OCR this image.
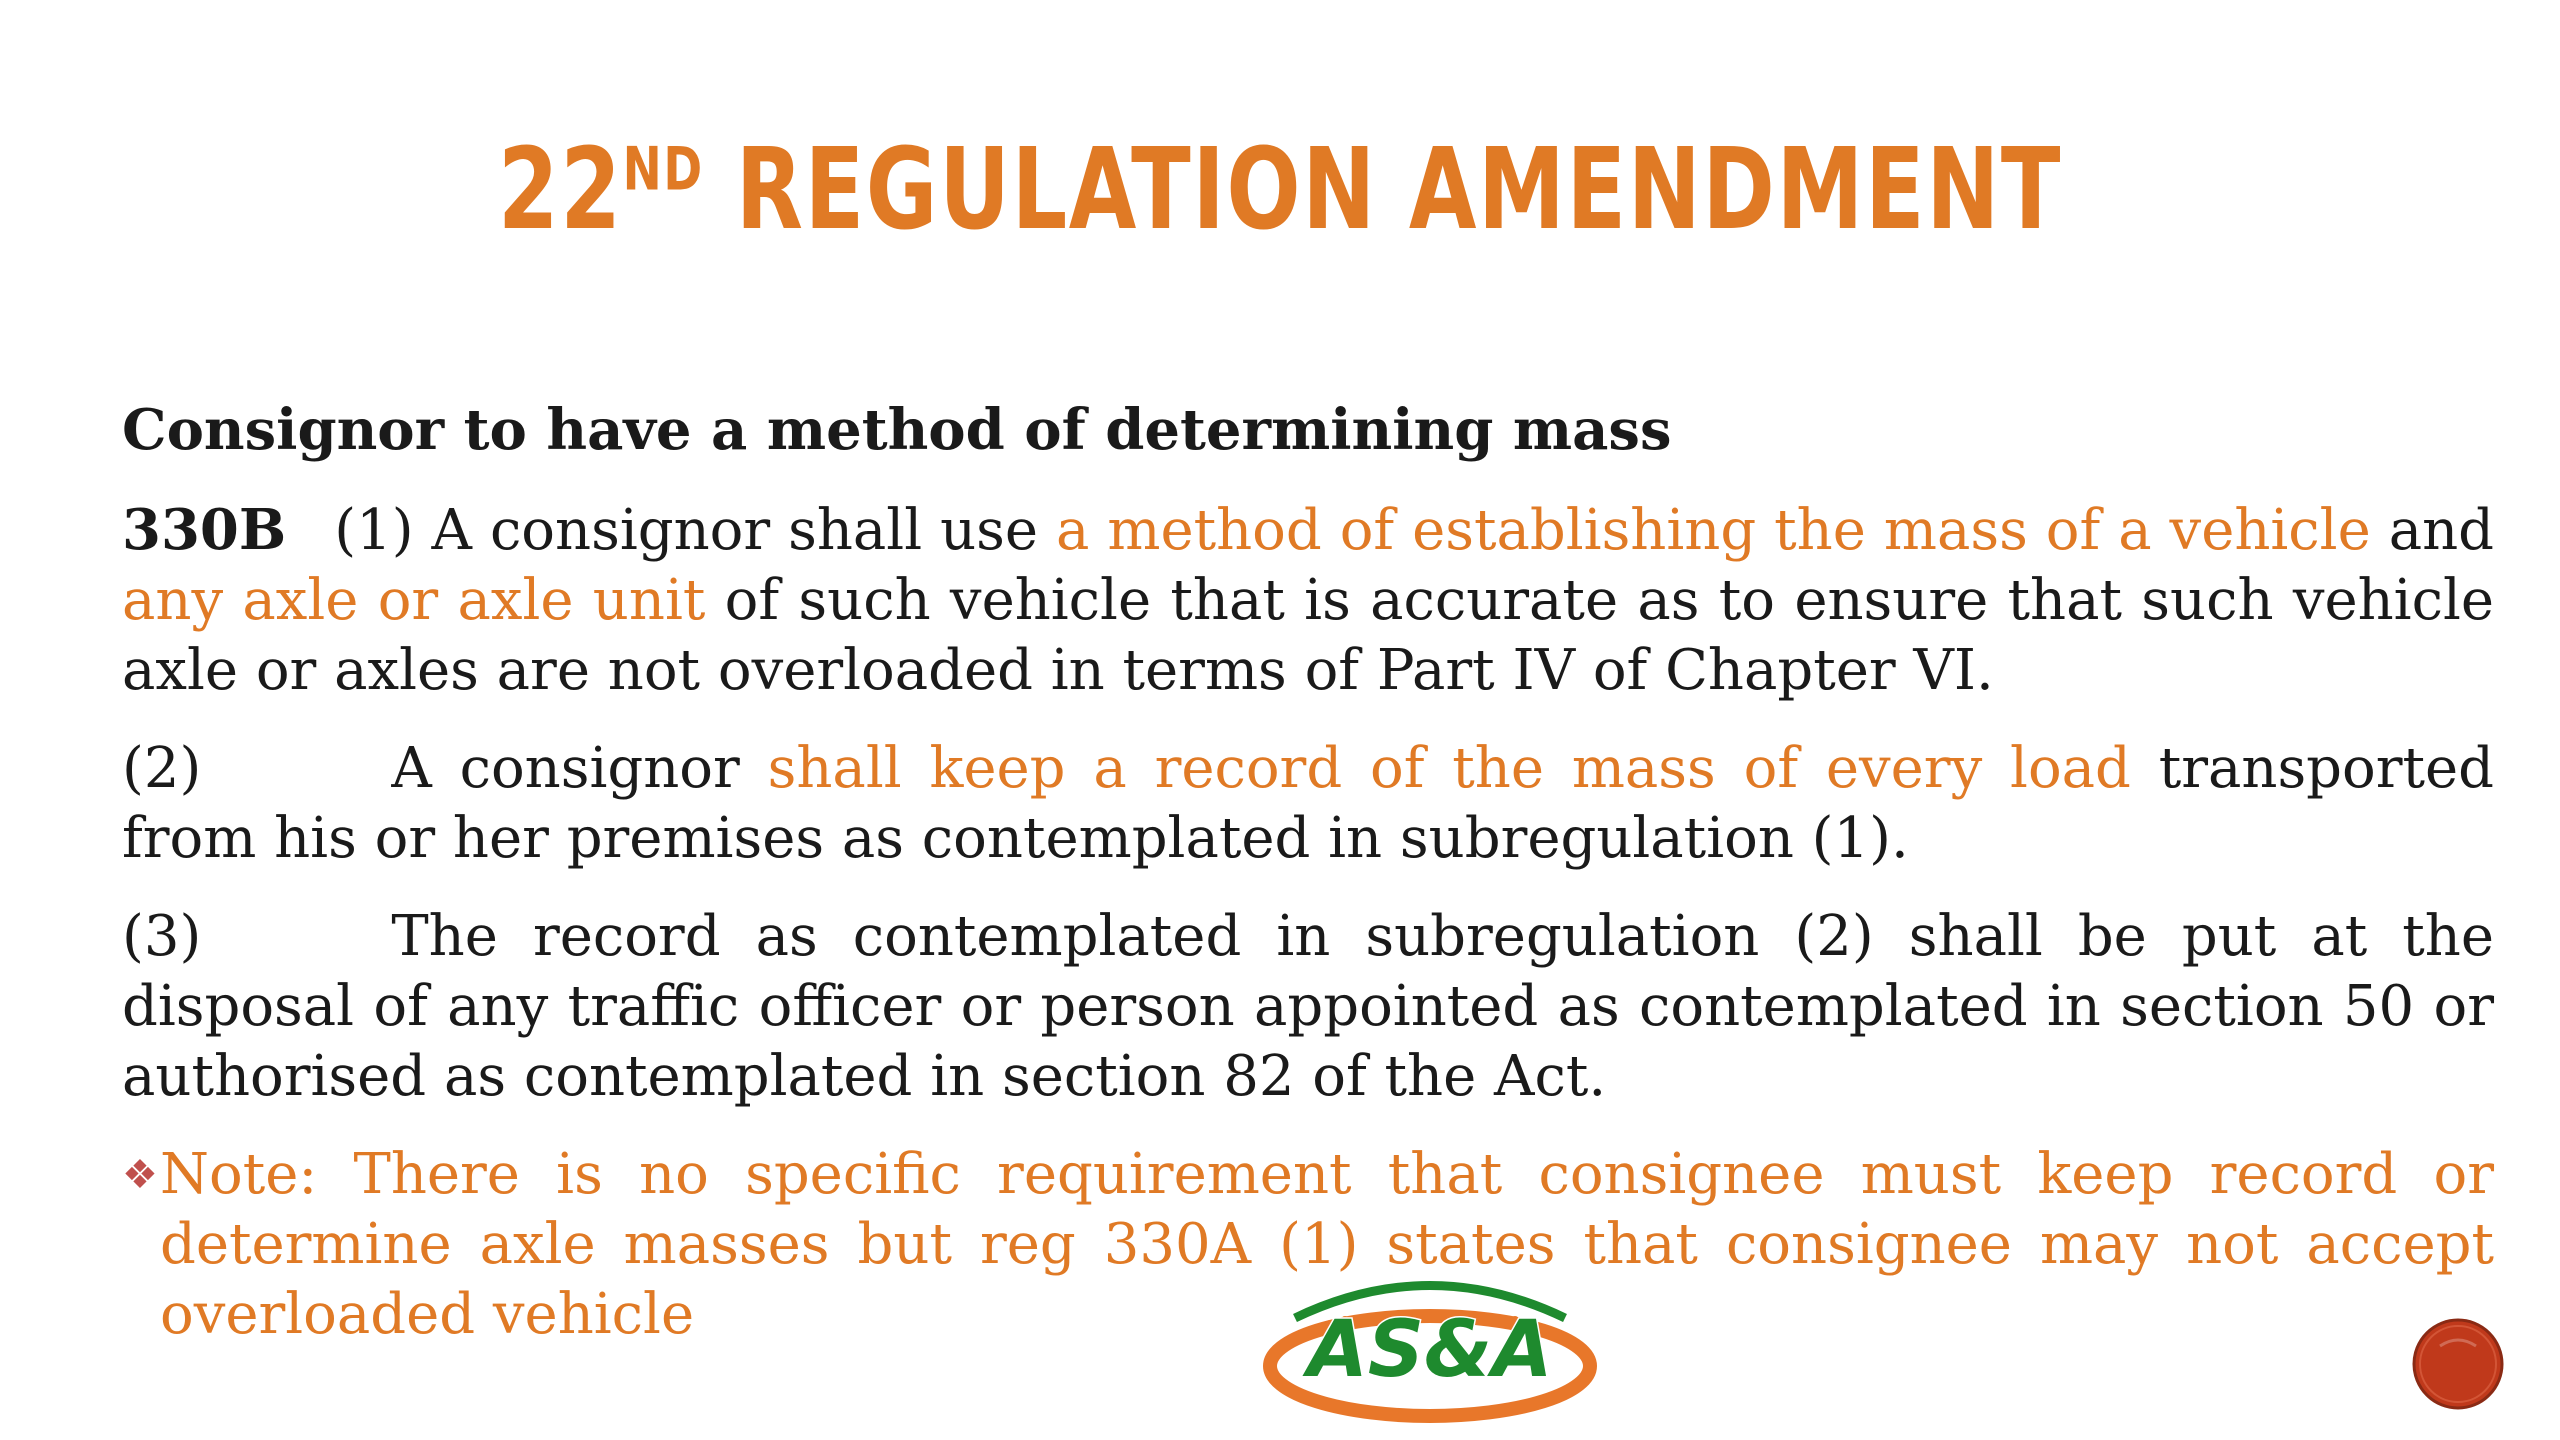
22ND REGULATION AMENDMENT
Consignor to have a method of determining mass
330B (1) A consignor shall use a method of establishing the mass of a vehicle and any axle or axle unit of such vehicle that is accurate as to ensure that such vehicle axle or axles are not overloaded in terms of Part IV of Chapter VI.
(2)	A consignor shall keep a record of the mass of every load transported from his or her premises as contemplated in subregulation (1).
(3)	The record as contemplated in subregulation (2) shall be put at the disposal of any traffic officer or person appointed as contemplated in section 50 or authorised as contemplated in section 82 of the Act.
❖ Note: There is no specific requirement that consignee must keep record or determine axle masses but reg 330A (1) states that consignee may not accept overloaded vehicle	AS&A
